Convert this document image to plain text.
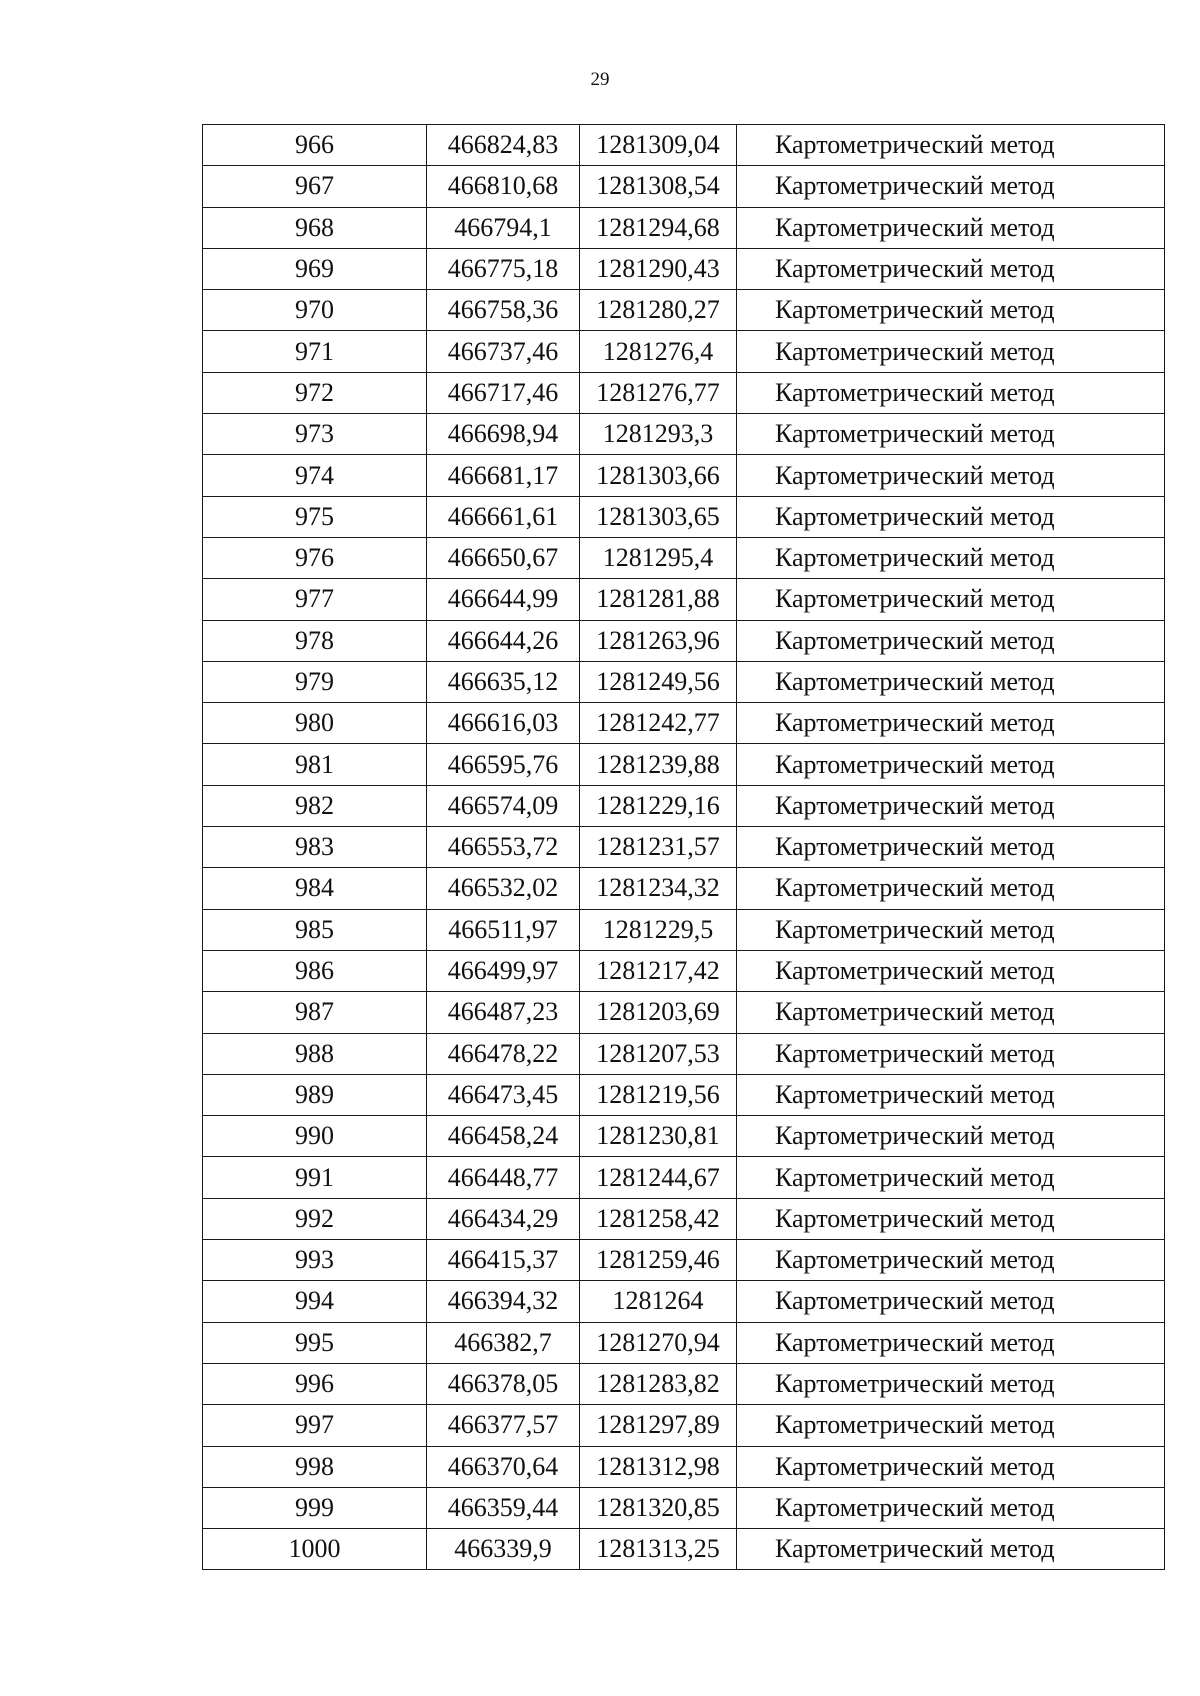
29
966	466824,83	1281309,04	Картометрический метод
967	466810,68	1281308,54	Картометрический метод
968	466794,1	1281294,68	Картометрический метод
969	466775,18	1281290,43	Картометрический метод
970	466758,36	1281280,27	Картометрический метод
971	466737,46	1281276,4	Картометрический метод
972	466717,46	1281276,77	Картометрический метод
973	466698,94	1281293,3	Картометрический метод
974	466681,17	1281303,66	Картометрический метод
975	466661,61	1281303,65	Картометрический метод
976	466650,67	1281295,4	Картометрический метод
977	466644,99	1281281,88	Картометрический метод
978	466644,26	1281263,96	Картометрический метод
979	466635,12	1281249,56	Картометрический метод
980	466616,03	1281242,77	Картометрический метод
981	466595,76	1281239,88	Картометрический метод
982	466574,09	1281229,16	Картометрический метод
983	466553,72	1281231,57	Картометрический метод
984	466532,02	1281234,32	Картометрический метод
985	466511,97	1281229,5	Картометрический метод
986	466499,97	1281217,42	Картометрический метод
987	466487,23	1281203,69	Картометрический метод
988	466478,22	1281207,53	Картометрический метод
989	466473,45	1281219,56	Картометрический метод
990	466458,24	1281230,81	Картометрический метод
991	466448,77	1281244,67	Картометрический метод
992	466434,29	1281258,42	Картометрический метод
993	466415,37	1281259,46	Картометрический метод
994	466394,32	1281264	Картометрический метод
995	466382,7	1281270,94	Картометрический метод
996	466378,05	1281283,82	Картометрический метод
997	466377,57	1281297,89	Картометрический метод
998	466370,64	1281312,98	Картометрический метод
999	466359,44	1281320,85	Картометрический метод
1000	466339,9	1281313,25	Картометрический метод
